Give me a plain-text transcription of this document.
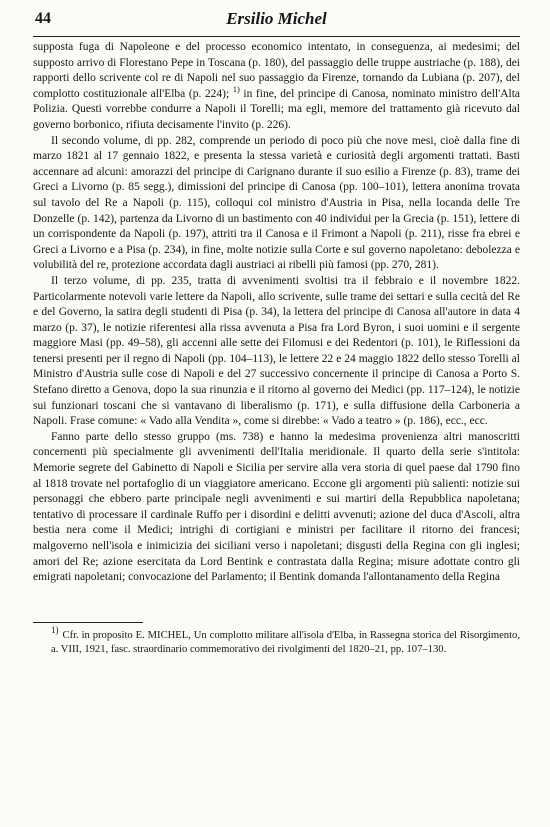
44	Ersilio Michel

supposta fuga di Napoleone e del processo economico intentato, in conseguenza, ai medesimi; del supposto arrivo di Florestano Pepe in Toscana (p. 180), del passaggio delle truppe austriache (p. 188), dei rapporti dello scrivente col re di Napoli nel suo passaggio da Firenze, tornando da Lubiana (p. 207), del complotto costituzionale all'Elba (p. 224); $^{1)}$ in fine, del principe di Canosa, nominato ministro dell'Alta Polizia. Questi vorrebbe condurre a Napoli il Torelli; ma egli, memore del trattamento già ricevuto dal governo borbonico, rifiuta decisamente l'invito (p. 226).

Il secondo volume, di pp. 282, comprende un periodo di poco più che nove mesi, cioè dalla fine di marzo 1821 al 17 gennaio 1822, e presenta la stessa varietà e curiosità degli argomenti trattati. Basti accennare ad alcuni: amorazzi del principe di Carignano durante il suo esilio a Firenze (p. 83), trame dei Greci a Livorno (p. 85 segg.), dimissioni del principe di Canosa (pp. 100–101), lettera anonima trovata sul tavolo del Re a Napoli (p. 115), colloqui col ministro d'Austria in Pisa, nella locanda delle Tre Donzelle (p. 142), partenza da Livorno di un bastimento con 40 individui per la Grecia (p. 151), lettere di un corrispondente da Napoli (p. 197), attriti tra il Canosa e il Frimont a Napoli (p. 211), risse fra ebrei e Greci a Livorno e a Pisa (p. 234), in fine, molte notizie sulla Corte e sul governo napoletano: debolezza e volubilità del re, protezione accordata dagli austriaci ai ribelli più famosi (pp. 270, 281).

Il terzo volume, di pp. 235, tratta di avvenimenti svoltisi tra il febbraio e il novembre 1822. Particolarmente notevoli varie lettere da Napoli, allo scrivente, sulle trame dei settari e sulla cecità del Re e del Governo, la satira degli studenti di Pisa (p. 34), la lettera del principe di Canosa all'autore in data 4 marzo (p. 37), le notizie riferentesi alla rissa avvenuta a Pisa fra Lord Byron, i suoi uomini e il sergente maggiore Masi (pp. 49–58), gli accenni alle sette dei Filomusi e dei Redentori (p. 101), le Riflessioni da tenersi presenti per il regno di Napoli (pp. 104–113), le lettere 22 e 24 maggio 1822 dello stesso Torelli al Ministro d'Austria sulle cose di Napoli e del 27 successivo concernente il principe di Canosa a Porto S. Stefano diretto a Genova, dopo la sua rinunzia e il ritorno al governo dei Medici (pp. 117–124), le notizie sui funzionari toscani che si vantavano di liberalismo (p. 171), e sulla diffusione della Carboneria a Napoli. Frase comune: « Vado alla Vendita », come si direbbe: « Vado a teatro » (p. 186), ecc., ecc.

Fanno parte dello stesso gruppo (ms. 738) e hanno la medesima provenienza altri manoscritti concernenti più specialmente gli avvenimenti dell'Italia meridionale. Il quarto della serie s'intitola: Memorie segrete del Gabinetto di Napoli e Sicilia per servire alla vera storia di quel paese dal 1790 fino al 1818 trovate nel portafoglio di un viaggiatore americano. Eccone gli argomenti più salienti: notizie sui personaggi che ebbero parte principale negli avvenimenti e sui martiri della Repubblica napoletana; tentativo di processare il cardinale Ruffo per i disordini e delitti avvenuti; azione del duca d'Ascoli, altra bestia nera come il Medici; intrighi di cortigiani e ministri per facilitare il ritorno dei francesi; malgoverno nell'isola e inimicizia dei siciliani verso i napoletani; disgusti della Regina con gli inglesi; amori del Re; azione esercitata da Lord Bentink e contrastata dalla Regina; misure adottate contro gli emigrati napoletani; convocazione del Parlamento; il Bentink domanda l'allontanamento della Regina

$^{1)}$ Cfr. in proposito E. MICHEL, Un complotto militare all'isola d'Elba, in Rassegna storica del Risorgimento, a. VIII, 1921, fasc. straordinario commemorativo dei rivolgimenti del 1820–21, pp. 107–130.
